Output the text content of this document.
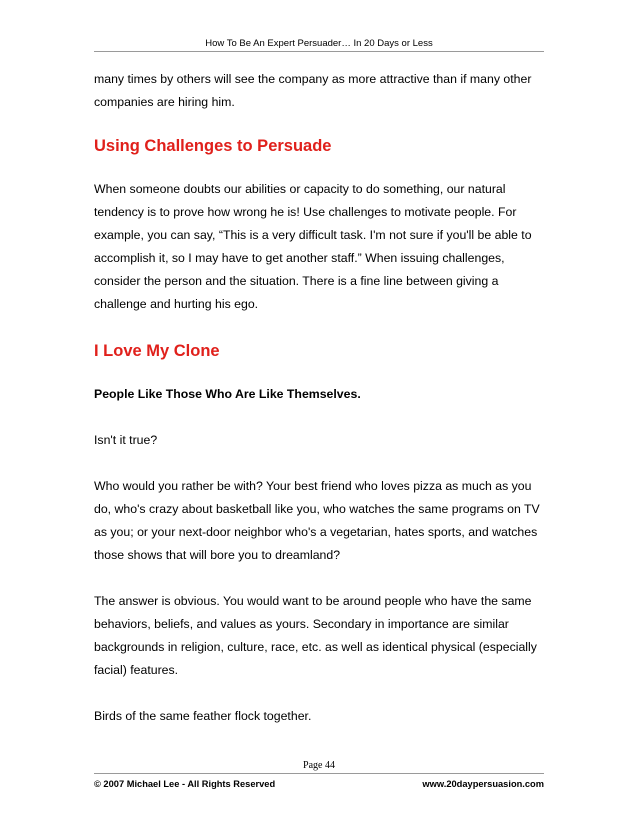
How To Be An Expert Persuader… In 20 Days or Less

many times by others will see the company as more attractive than if many other companies are hiring him.

Using Challenges to Persuade

When someone doubts our abilities or capacity to do something, our natural tendency is to prove how wrong he is! Use challenges to motivate people. For example, you can say, “This is a very difficult task. I'm not sure if you'll be able to accomplish it, so I may have to get another staff.” When issuing challenges, consider the person and the situation. There is a fine line between giving a challenge and hurting his ego.

I Love My Clone

People Like Those Who Are Like Themselves.

Isn't it true?

Who would you rather be with? Your best friend who loves pizza as much as you do, who's crazy about basketball like you, who watches the same programs on TV as you; or your next-door neighbor who's a vegetarian, hates sports, and watches those shows that will bore you to dreamland?

The answer is obvious. You would want to be around people who have the same behaviors, beliefs, and values as yours. Secondary in importance are similar backgrounds in religion, culture, race, etc. as well as identical physical (especially facial) features.

Birds of the same feather flock together.

Page 44
© 2007 Michael Lee - All Rights Reserved	www.20daypersuasion.com
